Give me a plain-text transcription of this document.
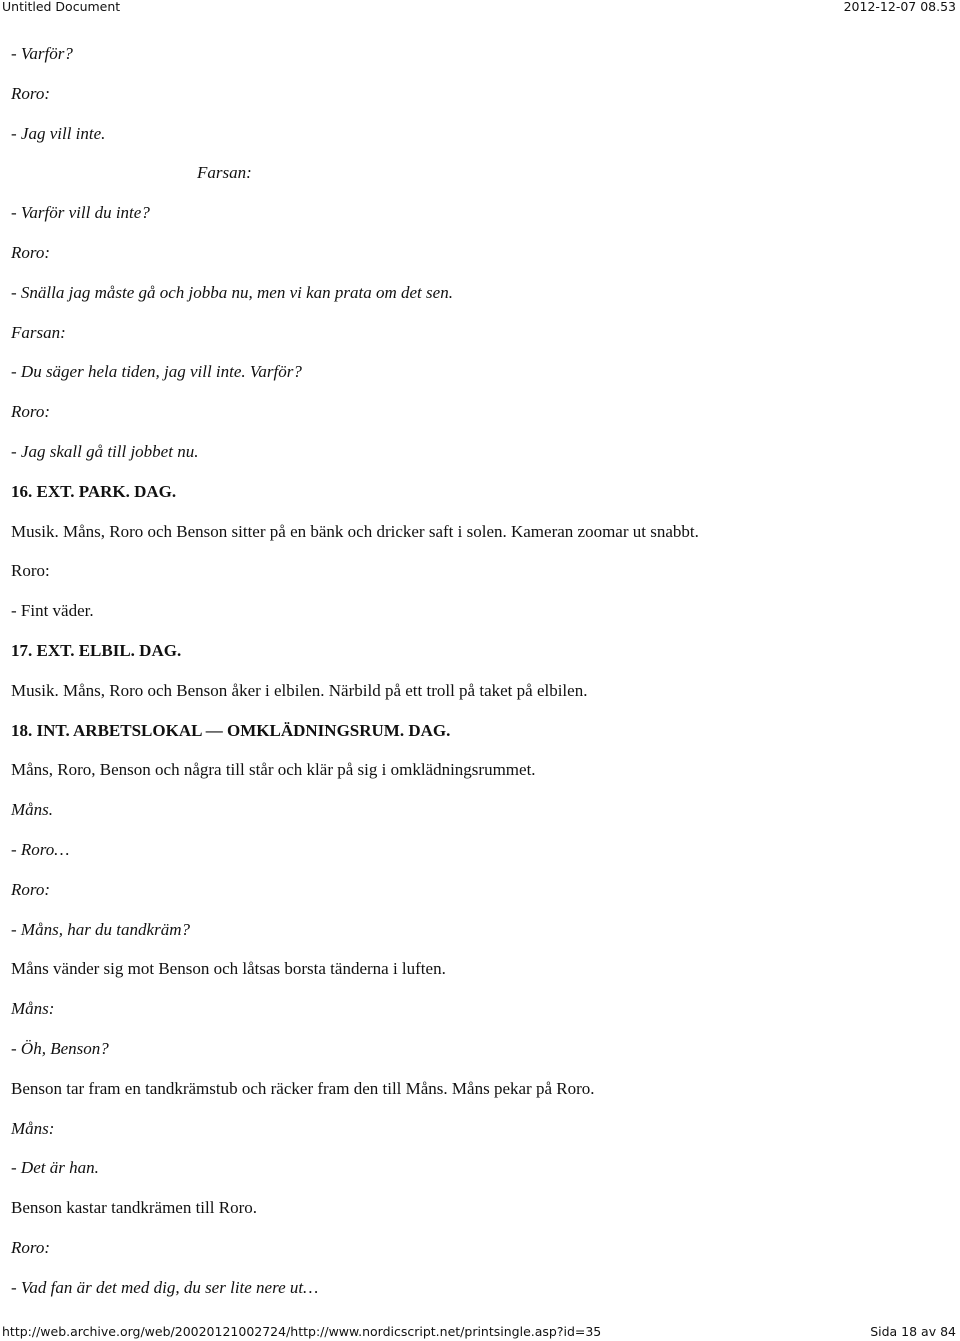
Untitled Document	2012-12-07 08.53
- Varför?
Roro:
- Jag vill inte.
Farsan:
- Varför vill du inte?
Roro:
- Snälla jag måste gå och jobba nu, men vi kan prata om det sen.
Farsan:
- Du säger hela tiden, jag vill inte. Varför?
Roro:
- Jag skall gå till jobbet nu.
16. EXT. PARK. DAG.
Musik. Måns, Roro och Benson sitter på en bänk och dricker saft i solen. Kameran zoomar ut snabbt.
Roro:
- Fint väder.
17. EXT. ELBIL. DAG.
Musik. Måns, Roro och Benson åker i elbilen. Närbild på ett troll på taket på elbilen.
18. INT. ARBETSLOKAL — OMKLÄDNINGSRUM. DAG.
Måns, Roro, Benson och några till står och klär på sig i omklädningsrummet.
Måns.
- Roro…
Roro:
- Måns, har du tandkräm?
Måns vänder sig mot Benson och låtsas borsta tänderna i luften.
Måns:
- Öh, Benson?
Benson tar fram en tandkrämstub och räcker fram den till Måns. Måns pekar på Roro.
Måns:
- Det är han.
Benson kastar tandkrämen till Roro.
Roro:
- Vad fan är det med dig, du ser lite nere ut…
http://web.archive.org/web/20020121002724/http://www.nordicscript.net/printsingle.asp?id=35	Sida 18 av 84
